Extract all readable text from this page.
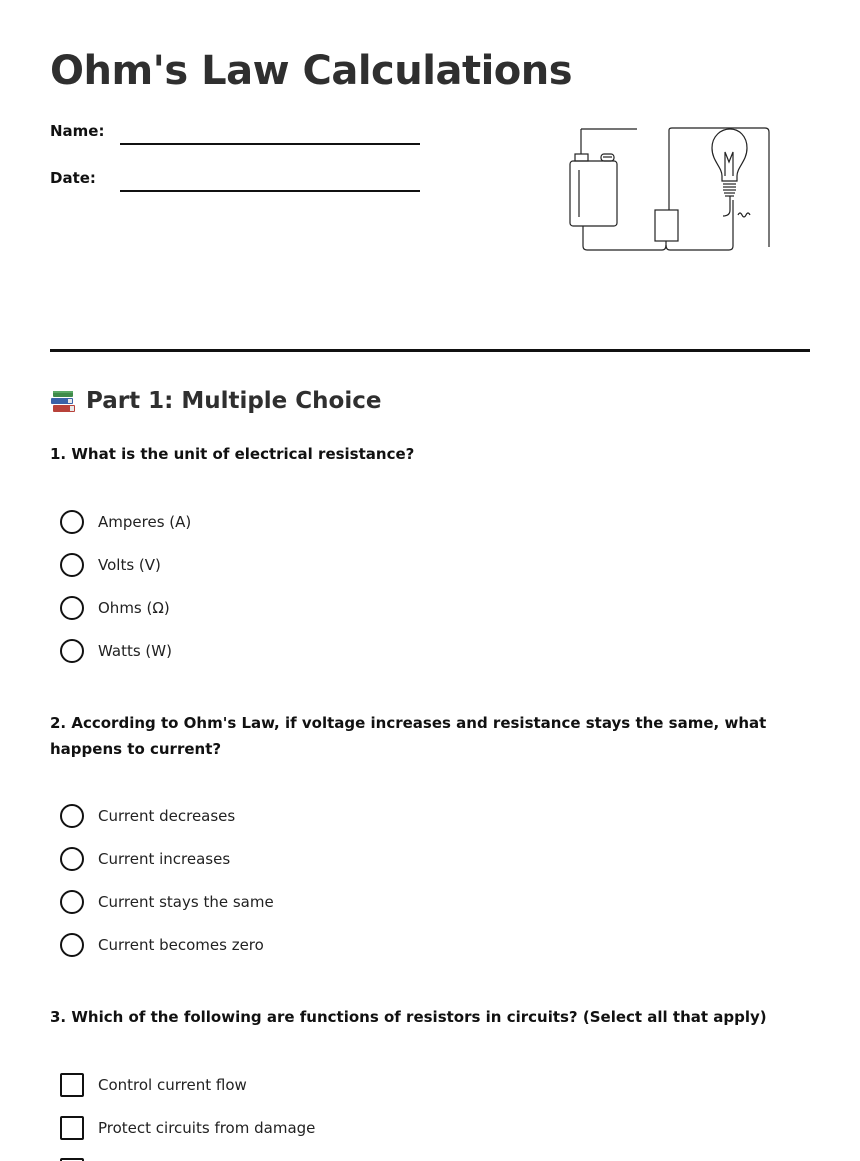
Ohm's Law Calculations
Name:
Date:
Part 1: Multiple Choice

1. What is the unit of electrical resistance?

Amperes (A)
Volts (V)
Ohms (Ω)
Watts (W)

2. According to Ohm's Law, if voltage increases and resistance stays the same, what happens to current?

Current decreases
Current increases
Current stays the same
Current becomes zero

3. Which of the following are functions of resistors in circuits? (Select all that apply)

Control current flow
Protect circuits from damage
